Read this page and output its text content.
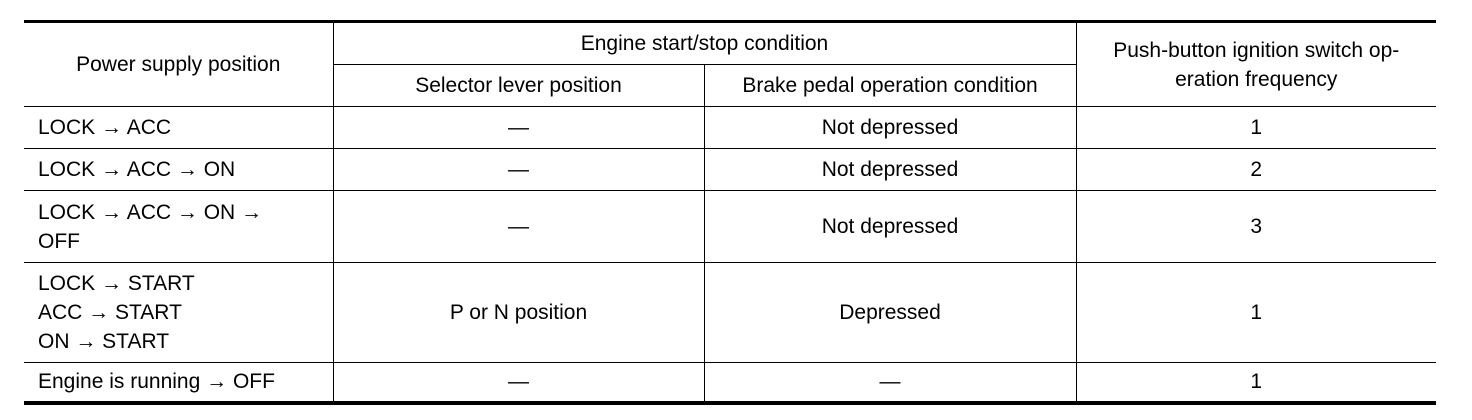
Power supply position	Engine start/stop condition		Push-button ignition switch op-
eration frequency
	Selector lever position	Brake pedal operation condition	

LOCK → ACC	—	Not depressed	1

LOCK → ACC → ON	—	Not depressed	2

LOCK → ACC → ON →
OFF	—	Not depressed	3

LOCK → START
ACC → START
ON → START	P or N position	Depressed	1

Engine is running → OFF	—	—	1
